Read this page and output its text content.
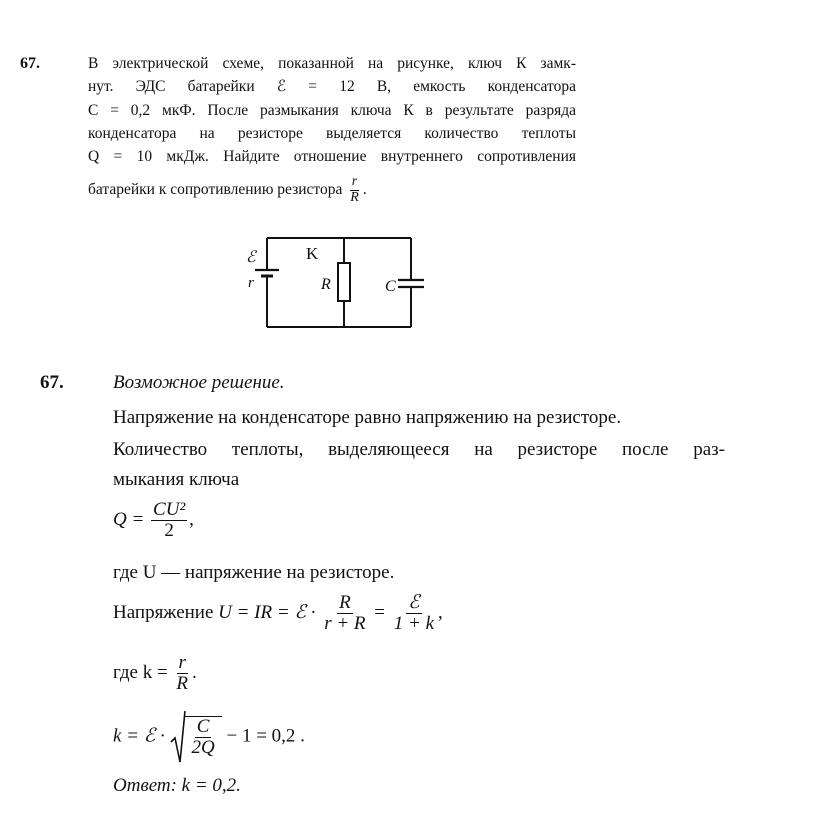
67.	В электрической схеме, показанной на рисунке, ключ К замк-
нут. ЭДС батарейки ℰ = 12 В, емкость конденсатора
C = 0,2 мкФ. После размыкания ключа К в результате разряда
конденсатора на резисторе выделяется количество теплоты
Q = 10 мкДж. Найдите отношение внутреннего сопротивления
батарейки к сопротивлению резистора $\frac{r}{R}$ .
ℰ
r
K
R	C
67.	Возможное решение.
Напряжение на конденсаторе равно напряжению на резисторе.
Количество теплоты, выделяющееся на резисторе после раз-
мыкания ключа
$Q = \frac{\text{CU²}}{2}$ ,
где U — напряжение на резисторе.
Напряжение U = IR = ℰ · $\frac{R}{r + R} = \frac{\text{ℰ}}{1 + k}$ ,
где $k = \frac{r}{R}$ .
k = ℰ · $\frac{C}{2Q} - 1 = 0,2$ .
Ответ: k = 0,2.
